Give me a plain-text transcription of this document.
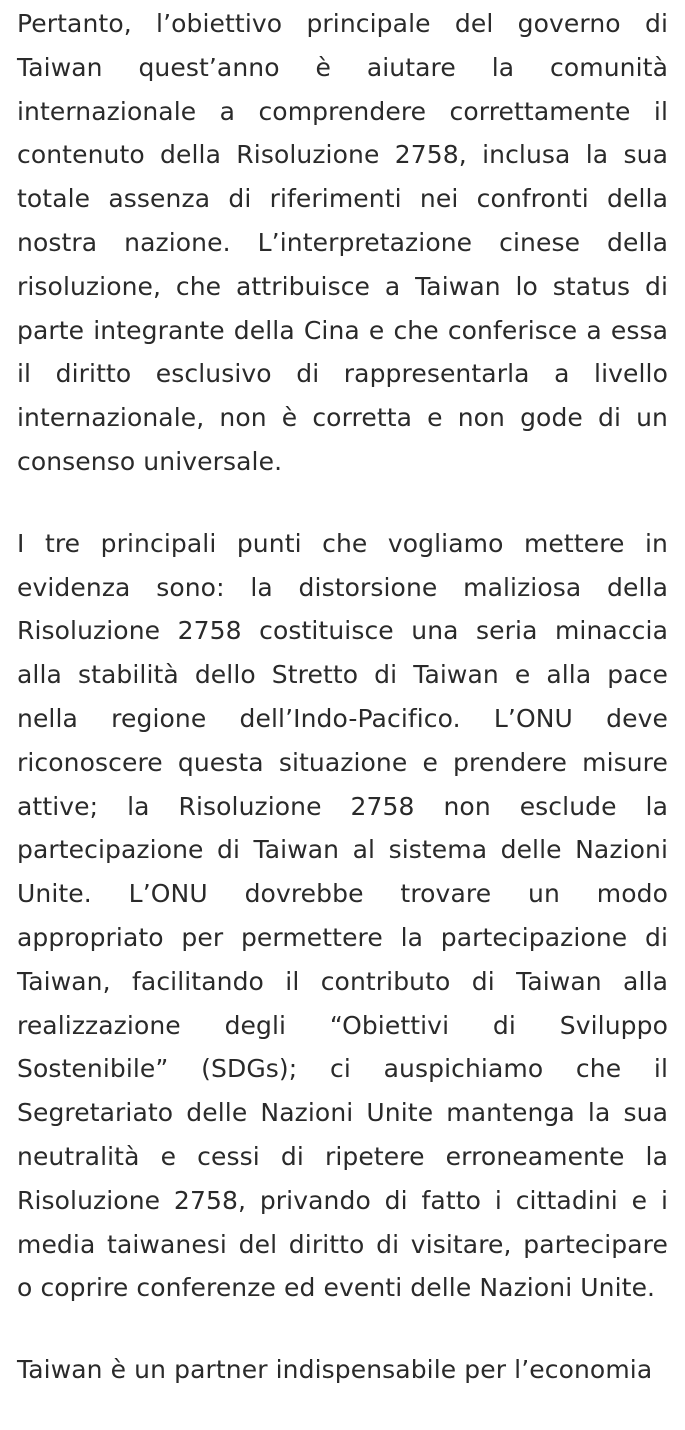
Pertanto, l’obiettivo principale del governo di Taiwan quest’anno è aiutare la comunità internazionale a comprendere correttamente il contenuto della Risoluzione 2758, inclusa la sua totale assenza di riferimenti nei confronti della nostra nazione. L’interpretazione cinese della risoluzione, che attribuisce a Taiwan lo status di parte integrante della Cina e che conferisce a essa il diritto esclusivo di rappresentarla a livello internazionale, non è corretta e non gode di un consenso universale.

I tre principali punti che vogliamo mettere in evidenza sono: la distorsione maliziosa della Risoluzione 2758 costituisce una seria minaccia alla stabilità dello Stretto di Taiwan e alla pace nella regione dell’Indo-Pacifico. L’ONU deve riconoscere questa situazione e prendere misure attive; la Risoluzione 2758 non esclude la partecipazione di Taiwan al sistema delle Nazioni Unite. L’ONU dovrebbe trovare un modo appropriato per permettere la partecipazione di Taiwan, facilitando il contributo di Taiwan alla realizzazione degli “Obiettivi di Sviluppo Sostenibile” (SDGs); ci auspichiamo che il Segretariato delle Nazioni Unite mantenga la sua neutralità e cessi di ripetere erroneamente la Risoluzione 2758, privando di fatto i cittadini e i media taiwanesi del diritto di visitare, partecipare o coprire conferenze ed eventi delle Nazioni Unite.

Taiwan è un partner indispensabile per l’economia
